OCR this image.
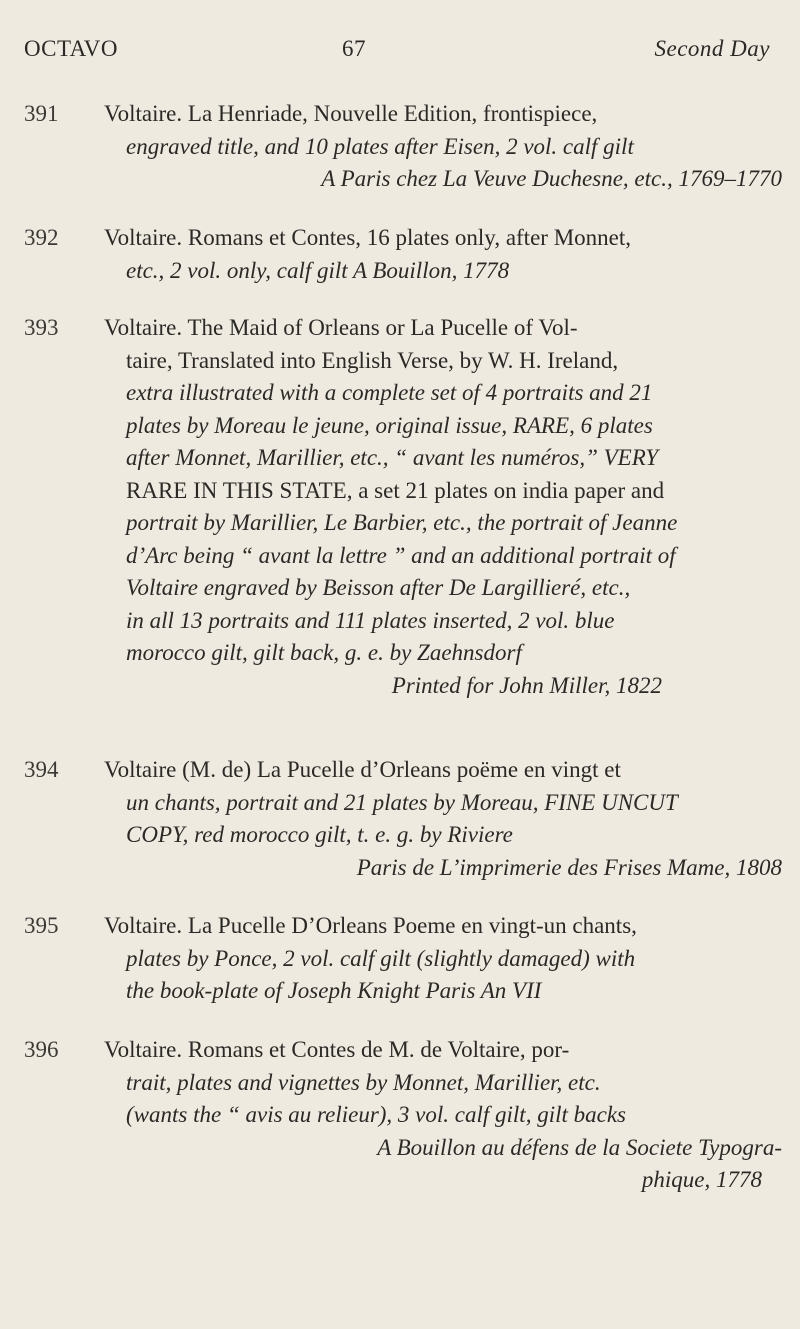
OCTAVO	67	Second Day
391	Voltaire. La Henriade, Nouvelle Edition, frontispiece,
engraved title, and 10 plates after Eisen, 2 vol. calf gilt
A Paris chez La Veuve Duchesne, etc., 1769–1770
392	Voltaire. Romans et Contes, 16 plates only, after Monnet,
etc., 2 vol. only, calf gilt A Bouillon, 1778
393	Voltaire. The Maid of Orleans or La Pucelle of Vol-
taire, Translated into English Verse, by W. H. Ireland,
extra illustrated with a complete set of 4 portraits and 21
plates by Moreau le jeune, original issue, RARE, 6 plates
after Monnet, Marillier, etc., “ avant les numéros,” VERY
RARE IN THIS STATE, a set 21 plates on india paper and
portrait by Marillier, Le Barbier, etc., the portrait of Jeanne
d’Arc being “ avant la lettre ” and an additional portrait of
Voltaire engraved by Beisson after De Largillieré, etc.,
in all 13 portraits and 111 plates inserted, 2 vol. blue
morocco gilt, gilt back, g. e. by Zaehnsdorf
Printed for John Miller, 1822
394	Voltaire (M. de) La Pucelle d’Orleans poëme en vingt et
un chants, portrait and 21 plates by Moreau, FINE UNCUT
COPY, red morocco gilt, t. e. g. by Riviere
Paris de L’imprimerie des Frises Mame, 1808
395	Voltaire. La Pucelle D’Orleans Poeme en vingt-un chants,
plates by Ponce, 2 vol. calf gilt (slightly damaged) with
the book-plate of Joseph Knight Paris An VII
396	Voltaire. Romans et Contes de M. de Voltaire, por-
trait, plates and vignettes by Monnet, Marillier, etc.
(wants the “ avis au relieur), 3 vol. calf gilt, gilt backs
A Bouillon au défens de la Societe Typogra-
phique, 1778
